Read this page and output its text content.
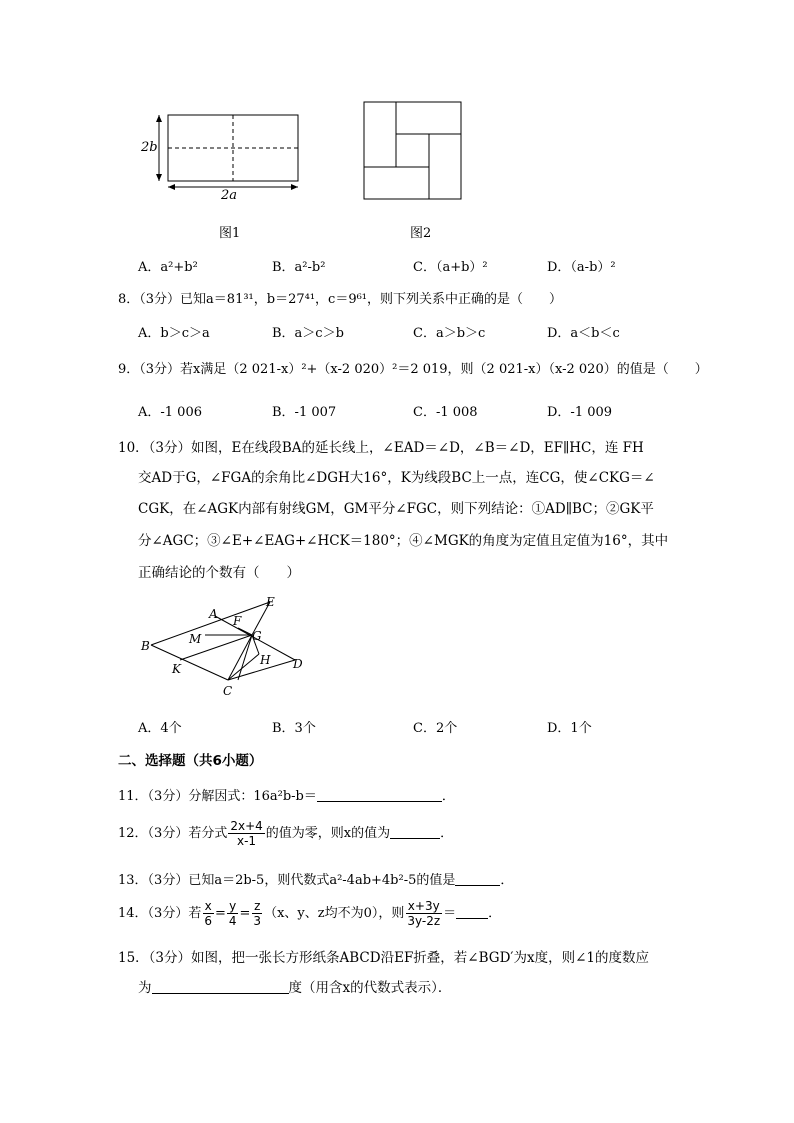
2b
2a
图1	图2
A．a²+b²	B．a²-b²	C．（a+b）²	D．（a-b）²
8．（3分）已知a＝81³¹，b＝27⁴¹，c＝9⁶¹，则下列关系中正确的是（　　）
A．b＞c＞a	B．a＞c＞b	C．a＞b＞c	D．a＜b＜c
9．（3分）若x满足（2 021-x）²+（x-2 020）²＝2 019，则（2 021-x）（x-2 020）的值是（　　）
A．-1 006	B．-1 007	C．-1 008	D．-1 009
10．（3分）如图，E在线段BA的延长线上，∠EAD＝∠D，∠B＝∠D，EF∥HC，连 FH
交AD于G，∠FGA的余角比∠DGH大16°，K为线段BC上一点，连CG，使∠CKG＝∠
CGK，在∠AGK内部有射线GM，GM平分∠FGC，则下列结论：①AD∥BC；②GK平
分∠AGC；③∠E+∠EAG+∠HCK＝180°；④∠MGK的角度为定值且定值为16°，其中
正确结论的个数有（　　）
E
A F
M	G
B
H D
K
C
A．4个	B．3个	C．2个	D．1个
二、选择题（共6小题）
11．（3分）分解因式：16a²b-b＝	．
12．（3分）若分式 $\frac{2x+4}{x-1}$ 的值为零，则x的值为	．
13．（3分）已知a＝2b-5，则代数式a²-4ab+4b²-5的值是	．
14．（3分）若 $\frac{x}{6} = \frac{y}{4} = \frac{z}{3} (x$、y、z均不为0），则 $\frac{x+3y}{3y-2z}$ ＝ ．
15．（3分）如图，把一张长方形纸条ABCD沿EF折叠，若∠BGD′为x度，则∠1的度数应
为	度（用含x的代数式表示）．
